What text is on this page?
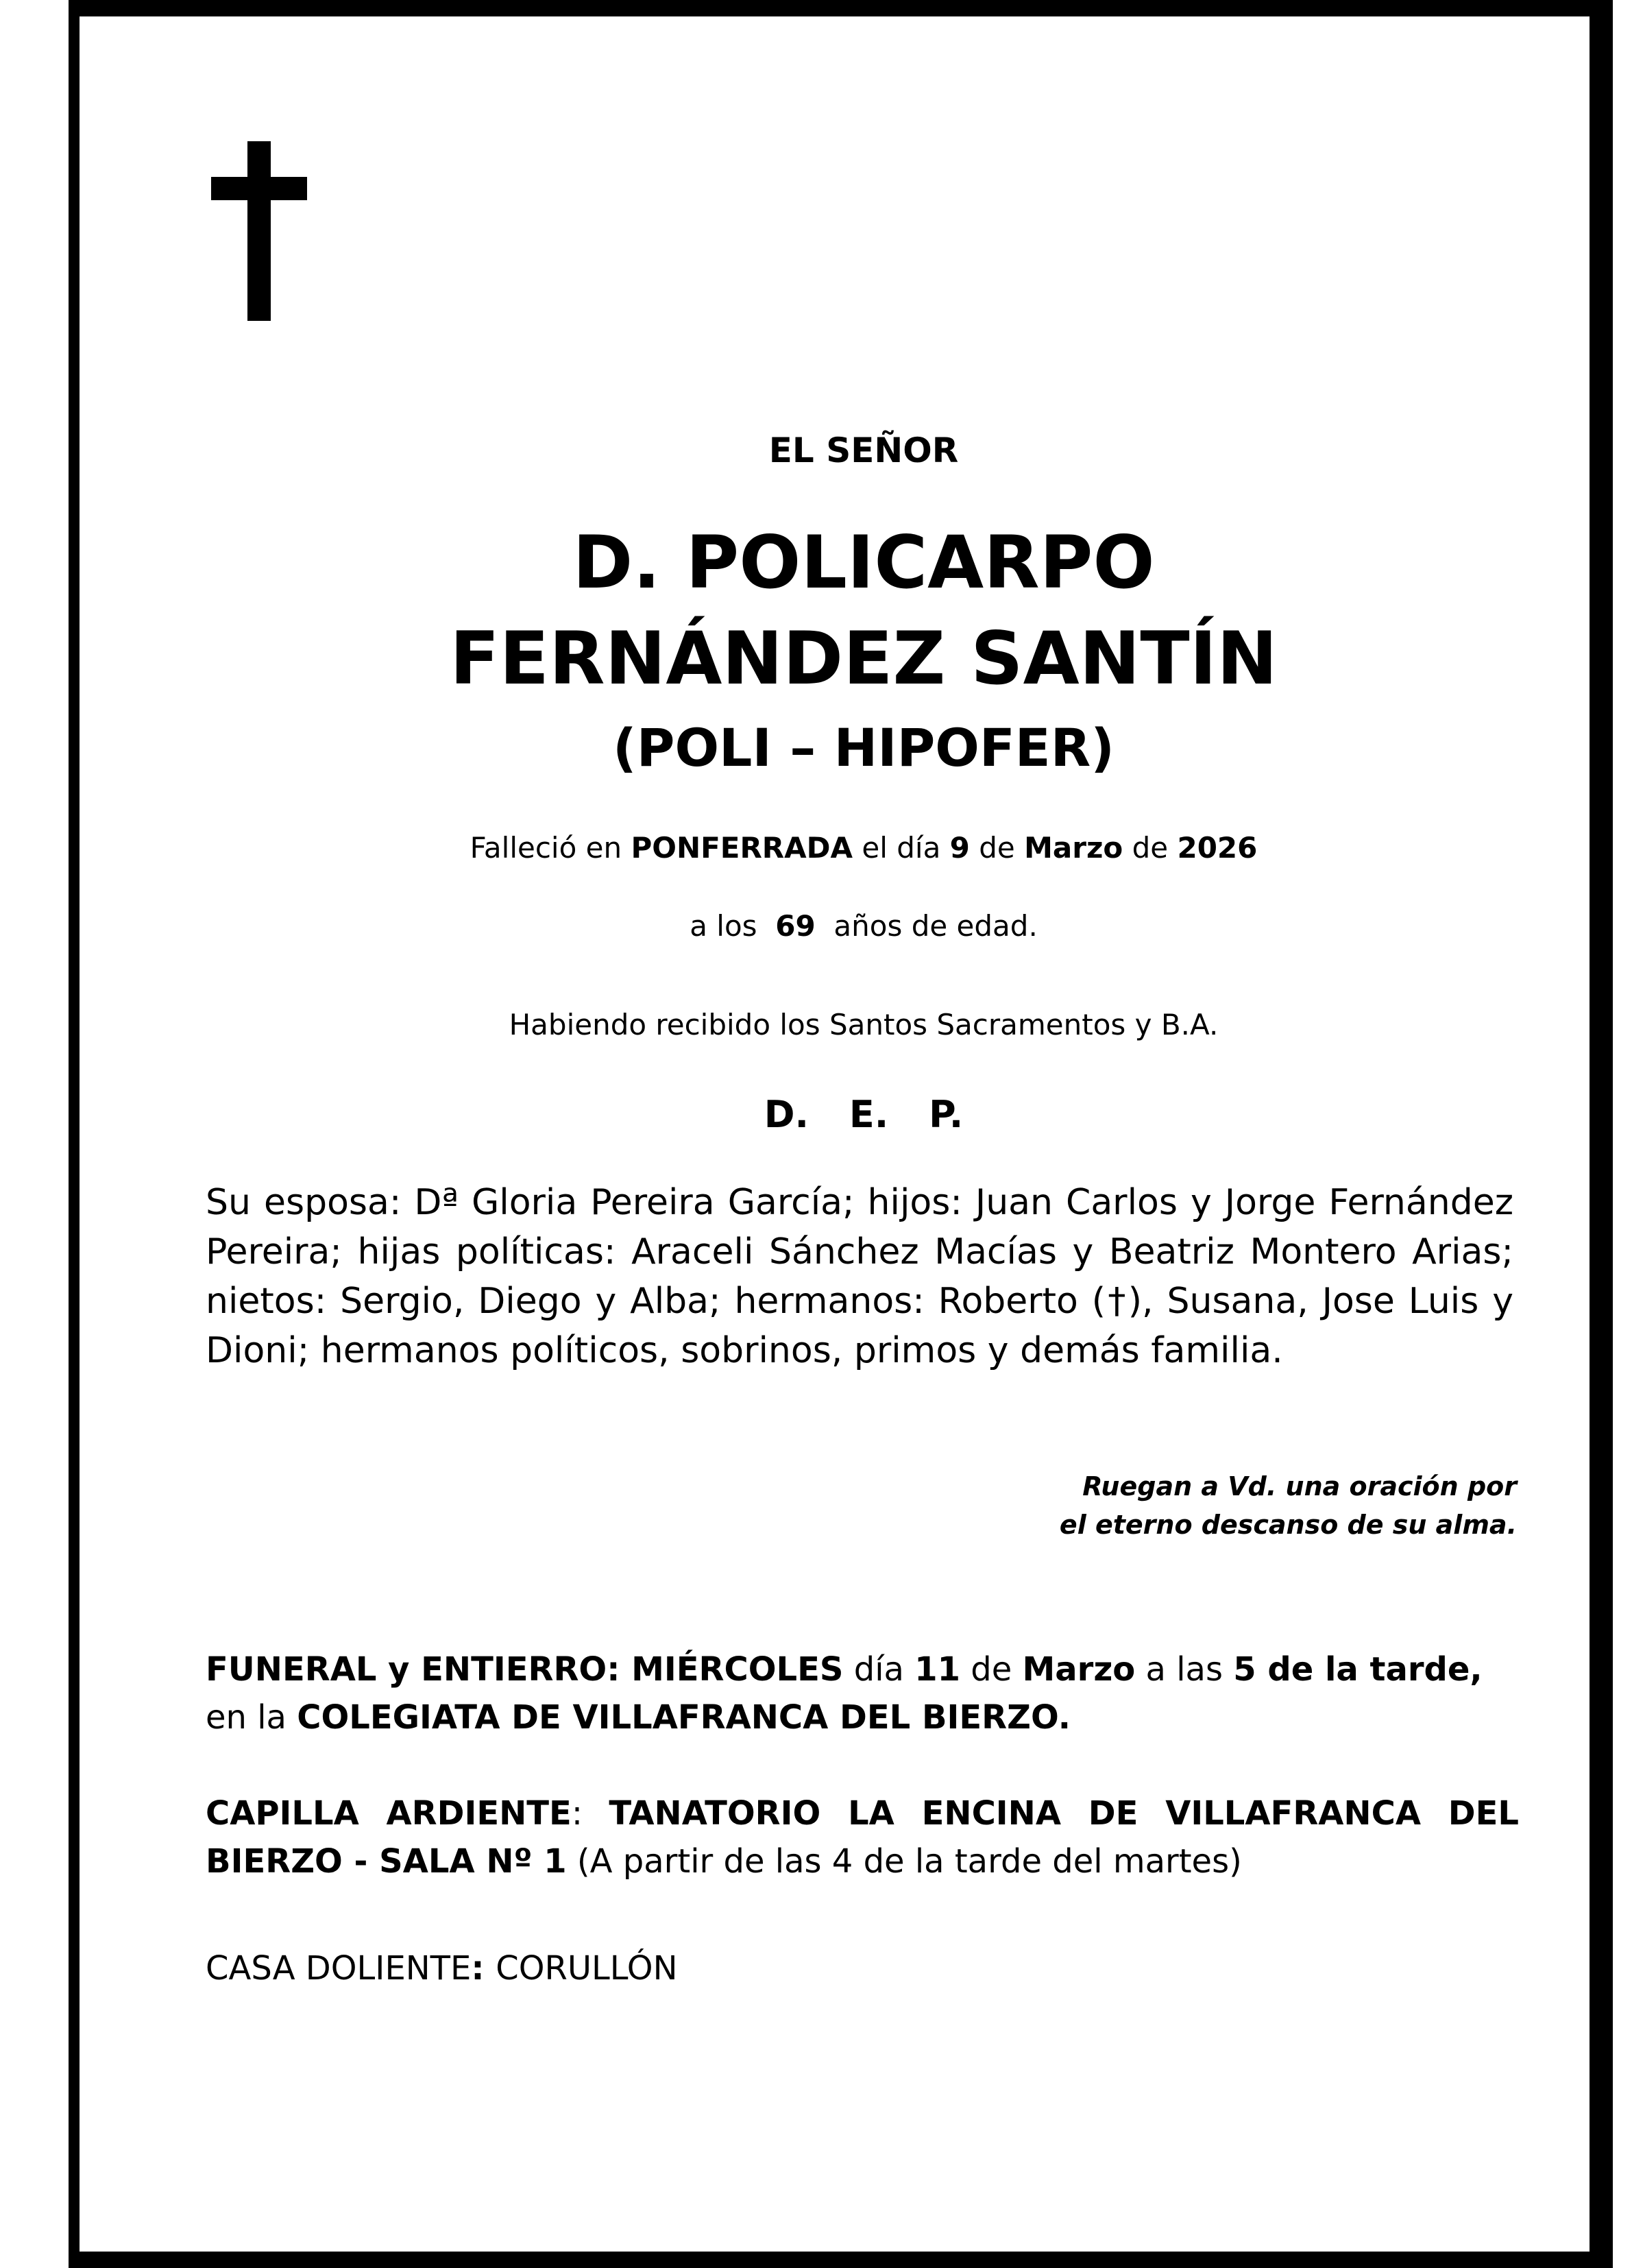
EL SEÑOR
D. POLICARPO
FERNÁNDEZ SANTÍN
(POLI – HIPOFER)
Falleció en PONFERRADA el día 9 de Marzo de 2026
a los  69  años de edad.
Habiendo recibido los Santos Sacramentos y B.A.
D. E. P.
Su esposa: Dª Gloria Pereira García; hijos: Juan Carlos y Jorge Fernández Pereira; hijas políticas: Araceli Sánchez Macías y Beatriz Montero Arias; nietos: Sergio, Diego y Alba; hermanos: Roberto (†), Susana, Jose Luis y Dioni; hermanos políticos, sobrinos, primos y demás familia.
Ruegan a Vd. una oración por
el eterno descanso de su alma.
FUNERAL y ENTIERRO: MIÉRCOLES día 11 de Marzo a las 5 de la tarde,
en la COLEGIATA DE VILLAFRANCA DEL BIERZO.
CAPILLA ARDIENTE: TANATORIO LA ENCINA DE VILLAFRANCA DEL BIERZO - SALA Nº 1 (A partir de las 4 de la tarde del martes)
CASA DOLIENTE: CORULLÓN
